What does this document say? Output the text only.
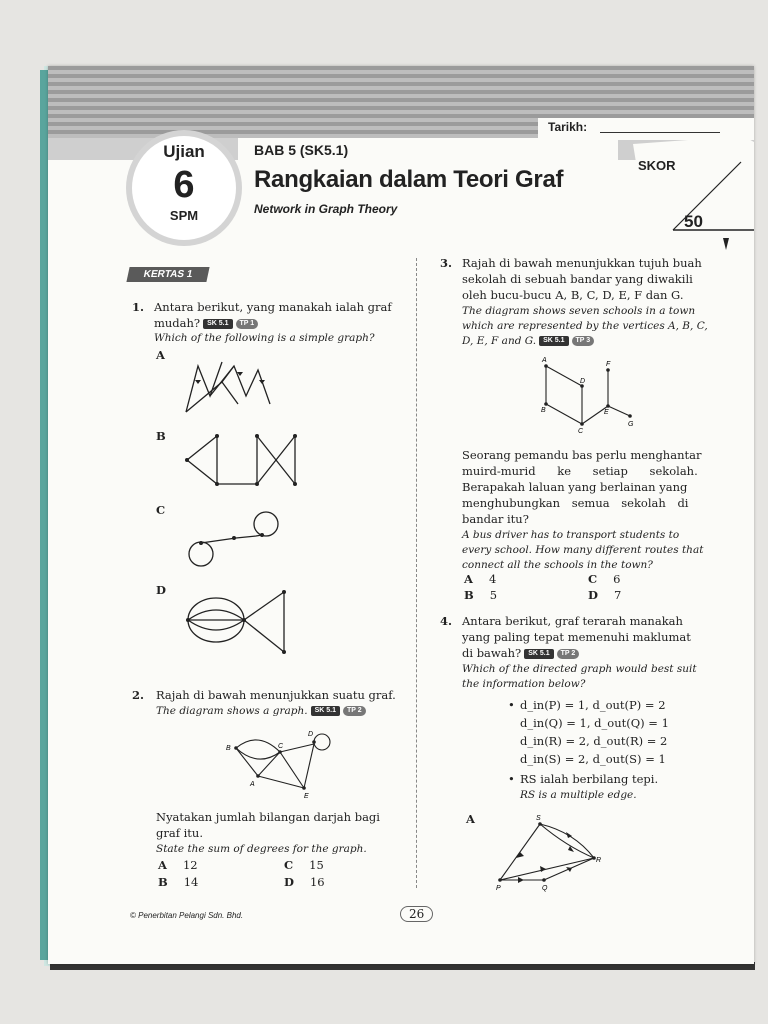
Tarikh:
Ujian
6
SPM
BAB 5 (SK5.1)
Rangkaian dalam Teori Graf
Network in Graph Theory
SKOR
50
KERTAS 1
1. Antara berikut, yang manakah ialah graf
mudah? SK 5.1 TP 1
Which of the following is a simple graph?
A
B
C
D
2. Rajah di bawah menunjukkan suatu graf.
The diagram shows a graph. SK 5.1 TP 2
B	C
D
A
E
Nyatakan jumlah bilangan darjah bagi
graf itu.
State the sum of degrees for the graph.
A 12
B 14
C 15
D 16
3. Rajah di bawah menunjukkan tujuh buah
sekolah di sebuah bandar yang diwakili
oleh bucu-bucu A, B, C, D, E, F dan G.
The diagram shows seven schools in a town
which are represented by the vertices A, B, C,
D, E, F and G. SK 5.1 TP 3
A
D
F
B	E
C
G
Seorang pemandu bas perlu menghantar
muird-murid ke setiap sekolah.
Berapakah laluan yang berlainan yang
menghubungkan semua sekolah di
bandar itu?
A bus driver has to transport students to
every school. How many different routes that
connect all the schools in the town?
A 4
B 5
C 6
D 7
4. Antara berikut, graf terarah manakah
yang paling tepat memenuhi maklumat
di bawah? SK 5.1 TP 2
Which of the directed graph would best suit
the information below?
• d_in(P) = 1, d_out(P) = 2
d_in(Q) = 1, d_out(Q) = 1
d_in(R) = 2, d_out(R) = 2
d_in(S) = 2, d_out(S) = 1
• RS ialah berbilang tepi.
RS is a multiple edge.
A	S
R
P	Q
© Penerbitan Pelangi Sdn. Bhd.	26
